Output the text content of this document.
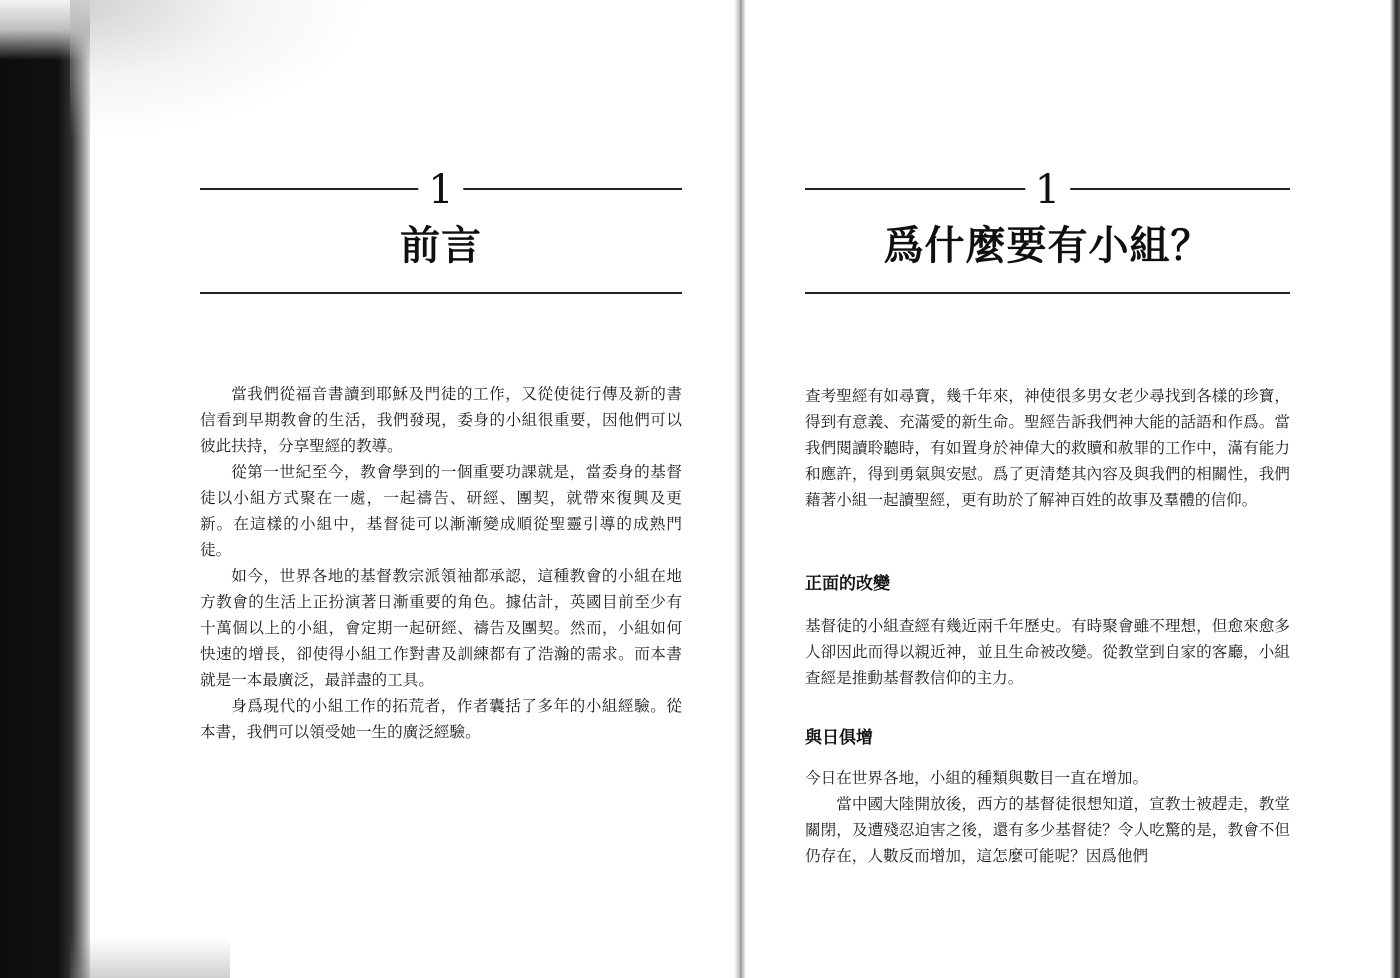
1
前言

當我們從福音書讀到耶穌及門徒的工作，又從使徒行傳及新的書信看到早期教會的生活，我們發現，委身的小組很重要，因他們可以彼此扶持，分享聖經的教導。

從第一世紀至今，教會學到的一個重要功課就是，當委身的基督徒以小組方式聚在一處，一起禱告、研經、團契，就帶來復興及更新。在這樣的小組中，基督徒可以漸漸變成順從聖靈引導的成熟門徒。

如今，世界各地的基督教宗派領袖都承認，這種教會的小組在地方教會的生活上正扮演著日漸重要的角色。據估計，英國目前至少有十萬個以上的小組，會定期一起研經、禱告及團契。然而，小組如何快速的增長，卻使得小組工作對書及訓練都有了浩瀚的需求。而本書就是一本最廣泛，最詳盡的工具。

身爲現代的小組工作的拓荒者，作者囊括了多年的小組經驗。從本書，我們可以領受她一生的廣泛經驗。

1
爲什麼要有小組？

查考聖經有如尋寶，幾千年來，神使很多男女老少尋找到各樣的珍寶，得到有意義、充滿愛的新生命。聖經告訴我們神大能的話語和作爲。當我們閱讀聆聽時，有如置身於神偉大的救贖和赦罪的工作中，滿有能力和應許，得到勇氣與安慰。爲了更清楚其內容及與我們的相關性，我們藉著小組一起讀聖經，更有助於了解神百姓的故事及羣體的信仰。

正面的改變

基督徒的小組查經有幾近兩千年歷史。有時聚會雖不理想，但愈來愈多人卻因此而得以親近神，並且生命被改變。從教堂到自家的客廳，小組查經是推動基督教信仰的主力。

與日俱增

今日在世界各地，小組的種類與數目一直在增加。

當中國大陸開放後，西方的基督徒很想知道，宣教士被趕走，教堂關閉，及遭殘忍迫害之後，還有多少基督徒？令人吃驚的是，教會不但仍存在，人數反而增加，這怎麼可能呢？因爲他們
